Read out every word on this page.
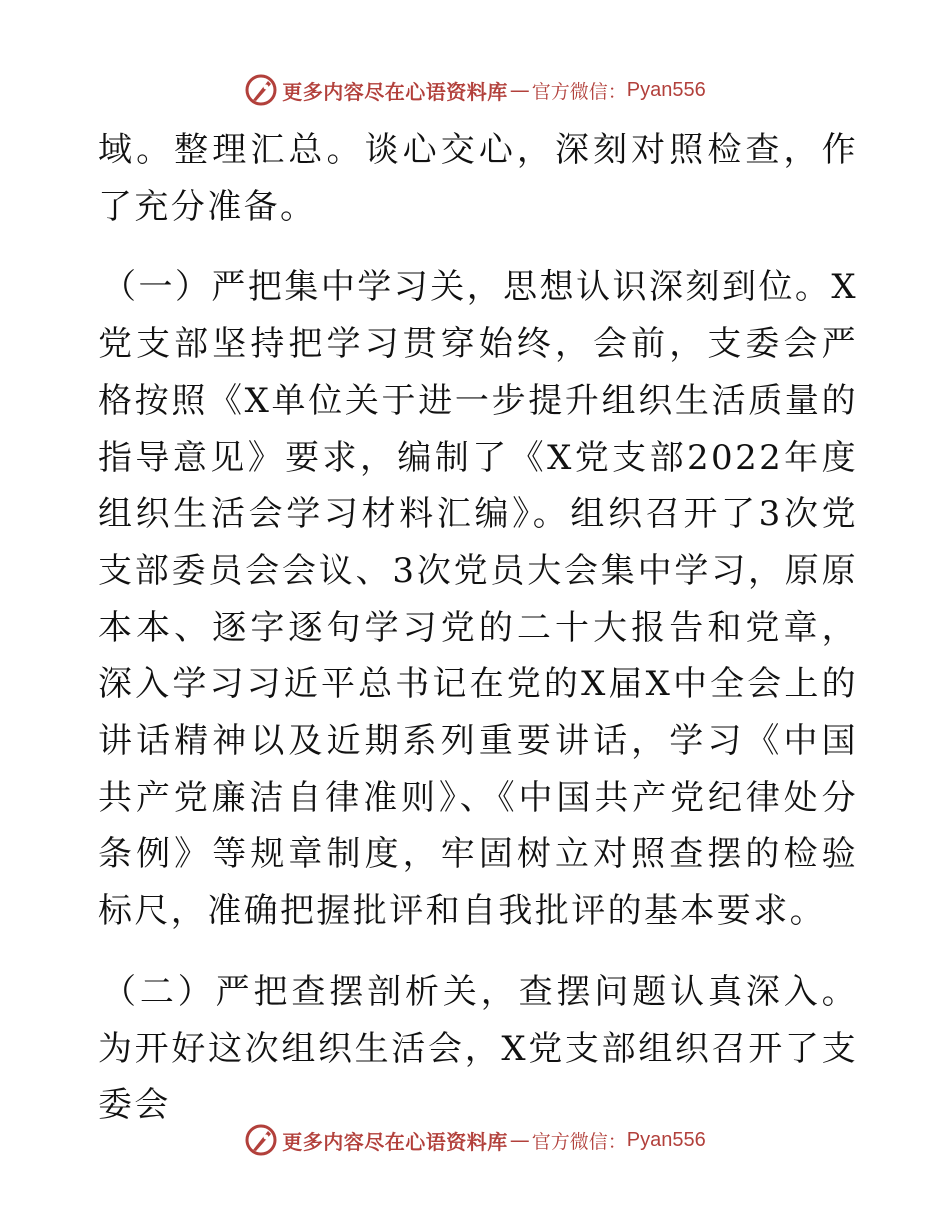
更多内容尽在心语资料库 — 官方微信： Pyan556

域。整理汇总。谈心交心，深刻对照检查，作了充分准备。

（一）严把集中学习关，思想认识深刻到位。X党支部坚持把学习贯穿始终，会前，支委会严格按照《X单位关于进一步提升组织生活质量的指导意见》要求，编制了《X党支部2022年度组织生活会学习材料汇编》。组织召开了3次党支部委员会会议、3次党员大会集中学习，原原本本、逐字逐句学习党的二十大报告和党章，深入学习习近平总书记在党的X届X中全会上的讲话精神以及近期系列重要讲话，学习《中国共产党廉洁自律准则》、《中国共产党纪律处分条例》等规章制度，牢固树立对照查摆的检验标尺，准确把握批评和自我批评的基本要求。

（二）严把查摆剖析关，查摆问题认真深入。为开好这次组织生活会，X党支部组织召开了支委会

更多内容尽在心语资料库 — 官方微信： Pyan556
